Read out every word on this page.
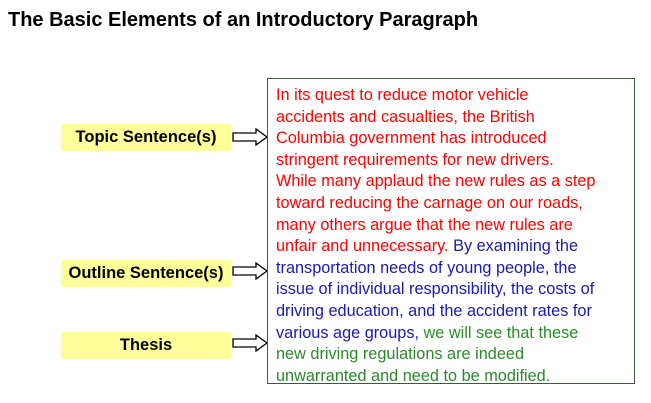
The Basic Elements of an Introductory Paragraph
Topic Sentence(s)
Outline Sentence(s)
Thesis
In its quest to reduce motor vehicle
accidents and casualties, the British
Columbia government has introduced
stringent requirements for new drivers.
While many applaud the new rules as a step
toward reducing the carnage on our roads,
many others argue that the new rules are
unfair and unnecessary. By examining the
transportation needs of young people, the
issue of individual responsibility, the costs of
driving education, and the accident rates for
various age groups, we will see that these
new driving regulations are indeed
unwarranted and need to be modified.
